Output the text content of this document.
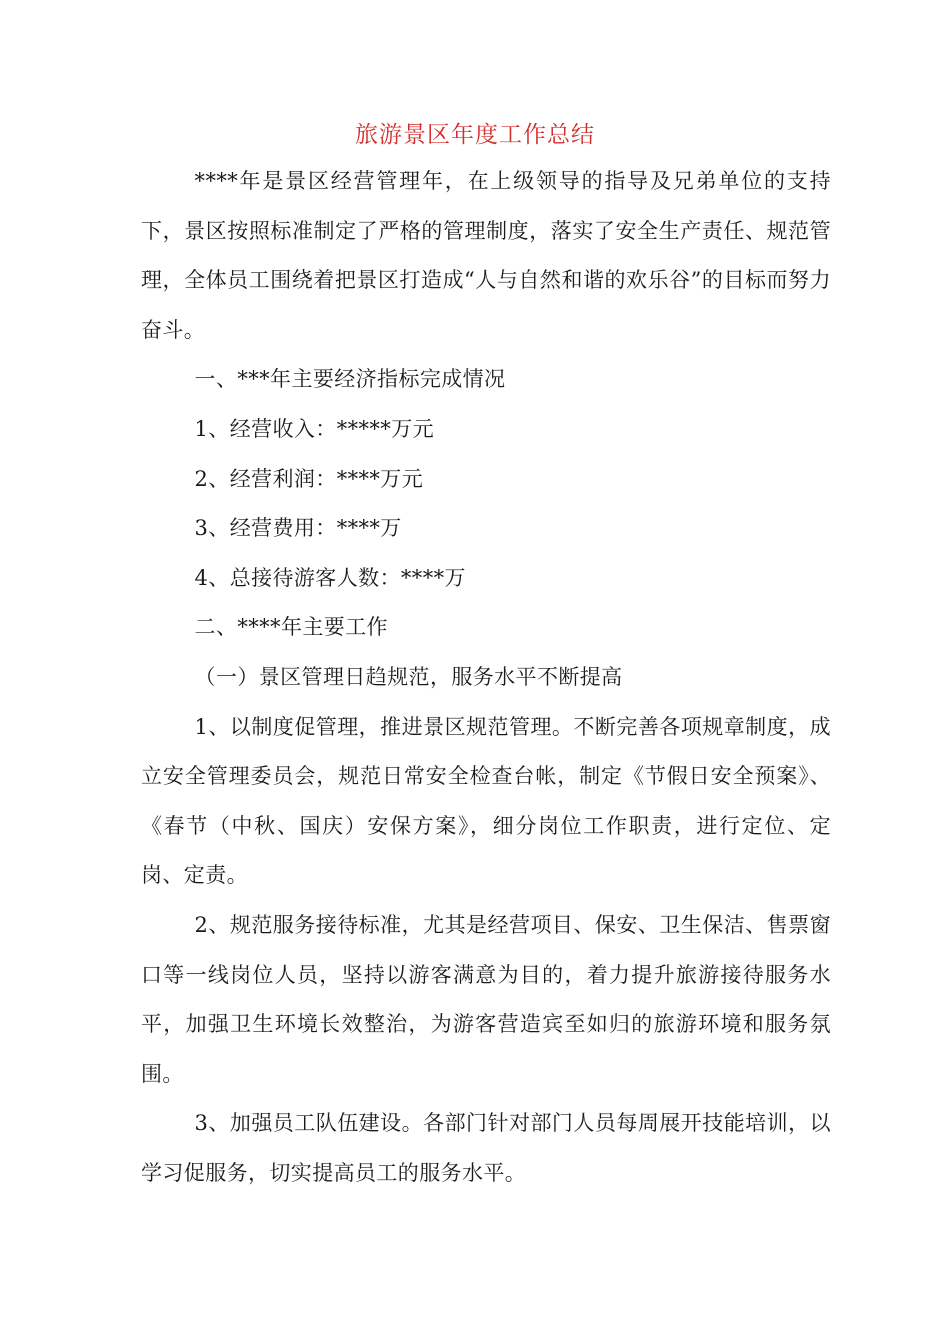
旅游景区年度工作总结

****年是景区经营管理年，在上级领导的指导及兄弟单位的支持下，景区按照标准制定了严格的管理制度，落实了安全生产责任、规范管理，全体员工围绕着把景区打造成“人与自然和谐的欢乐谷”的目标而努力奋斗。

一、***年主要经济指标完成情况

1、经营收入：*****万元

2、经营利润：****万元

3、经营费用：****万

4、总接待游客人数：****万

二、****年主要工作

（一）景区管理日趋规范，服务水平不断提高

1、以制度促管理，推进景区规范管理。不断完善各项规章制度，成立安全管理委员会，规范日常安全检查台帐，制定《节假日安全预案》、《春节（中秋、国庆）安保方案》，细分岗位工作职责，进行定位、定岗、定责。

2、规范服务接待标准，尤其是经营项目、保安、卫生保洁、售票窗口等一线岗位人员，坚持以游客满意为目的，着力提升旅游接待服务水平，加强卫生环境长效整治，为游客营造宾至如归的旅游环境和服务氛围。

3、加强员工队伍建设。各部门针对部门人员每周展开技能培训，以学习促服务，切实提高员工的服务水平。
